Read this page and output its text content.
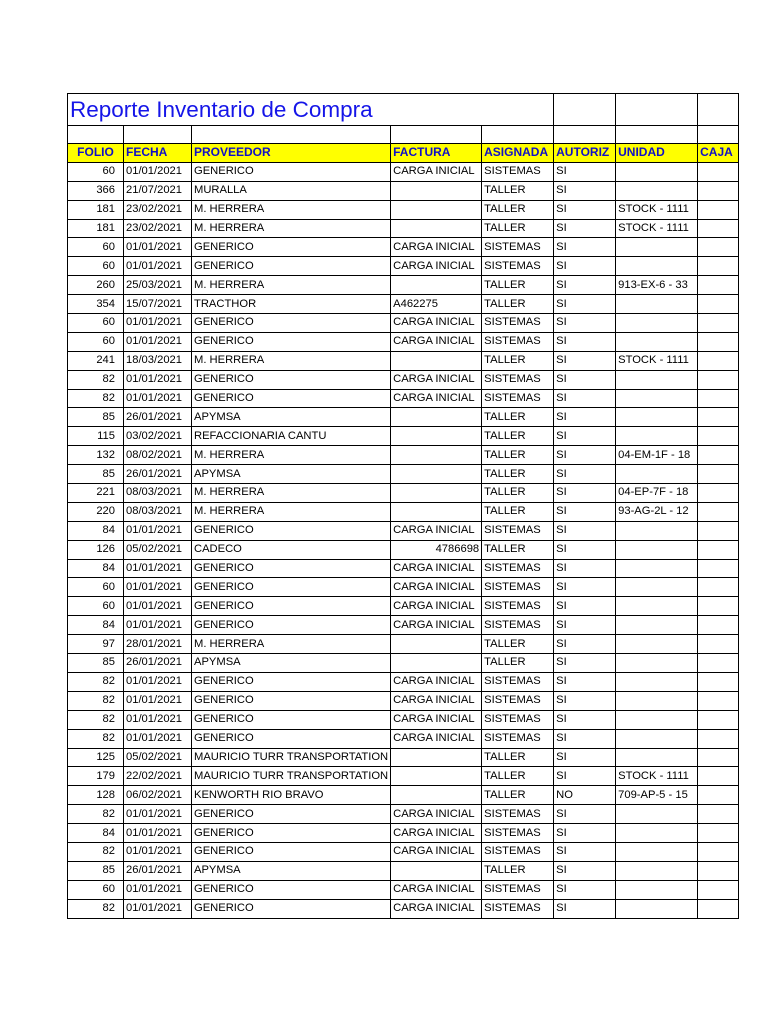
Reporte Inventario de Compra							

FOLIO	FECHA	PROVEEDOR	FACTURA	ASIGNADA	AUTORIZ	UNIDAD	CAJA
60	01/01/2021	GENERICO	CARGA INICIAL	SISTEMAS	SI		
366	21/07/2021	MURALLA		TALLER	SI		
181	23/02/2021	M. HERRERA		TALLER	SI	STOCK - 1111	
181	23/02/2021	M. HERRERA		TALLER	SI	STOCK - 1111	
60	01/01/2021	GENERICO	CARGA INICIAL	SISTEMAS	SI		
60	01/01/2021	GENERICO	CARGA INICIAL	SISTEMAS	SI		
260	25/03/2021	M. HERRERA		TALLER	SI	913-EX-6 - 33	
354	15/07/2021	TRACTHOR	A462275	TALLER	SI		
60	01/01/2021	GENERICO	CARGA INICIAL	SISTEMAS	SI		
60	01/01/2021	GENERICO	CARGA INICIAL	SISTEMAS	SI		
241	18/03/2021	M. HERRERA		TALLER	SI	STOCK - 1111	
82	01/01/2021	GENERICO	CARGA INICIAL	SISTEMAS	SI		
82	01/01/2021	GENERICO	CARGA INICIAL	SISTEMAS	SI		
85	26/01/2021	APYMSA		TALLER	SI		
115	03/02/2021	REFACCIONARIA CANTU		TALLER	SI		
132	08/02/2021	M. HERRERA		TALLER	SI	04-EM-1F - 18	
85	26/01/2021	APYMSA		TALLER	SI		
221	08/03/2021	M. HERRERA		TALLER	SI	04-EP-7F - 18	
220	08/03/2021	M. HERRERA		TALLER	SI	93-AG-2L - 12	
84	01/01/2021	GENERICO	CARGA INICIAL	SISTEMAS	SI		
126	05/02/2021	CADECO	4786698	TALLER	SI		
84	01/01/2021	GENERICO	CARGA INICIAL	SISTEMAS	SI		
60	01/01/2021	GENERICO	CARGA INICIAL	SISTEMAS	SI		
60	01/01/2021	GENERICO	CARGA INICIAL	SISTEMAS	SI		
84	01/01/2021	GENERICO	CARGA INICIAL	SISTEMAS	SI		
97	28/01/2021	M. HERRERA		TALLER	SI		
85	26/01/2021	APYMSA		TALLER	SI		
82	01/01/2021	GENERICO	CARGA INICIAL	SISTEMAS	SI		
82	01/01/2021	GENERICO	CARGA INICIAL	SISTEMAS	SI		
82	01/01/2021	GENERICO	CARGA INICIAL	SISTEMAS	SI		
82	01/01/2021	GENERICO	CARGA INICIAL	SISTEMAS	SI		
125	05/02/2021	MAURICIO TURR TRANSPORTATION		TALLER	SI		
179	22/02/2021	MAURICIO TURR TRANSPORTATION		TALLER	SI	STOCK - 1111	
128	06/02/2021	KENWORTH RIO BRAVO		TALLER	NO	709-AP-5 - 15	
82	01/01/2021	GENERICO	CARGA INICIAL	SISTEMAS	SI		
84	01/01/2021	GENERICO	CARGA INICIAL	SISTEMAS	SI		
82	01/01/2021	GENERICO	CARGA INICIAL	SISTEMAS	SI		
85	26/01/2021	APYMSA		TALLER	SI		
60	01/01/2021	GENERICO	CARGA INICIAL	SISTEMAS	SI		
82	01/01/2021	GENERICO	CARGA INICIAL	SISTEMAS	SI		
